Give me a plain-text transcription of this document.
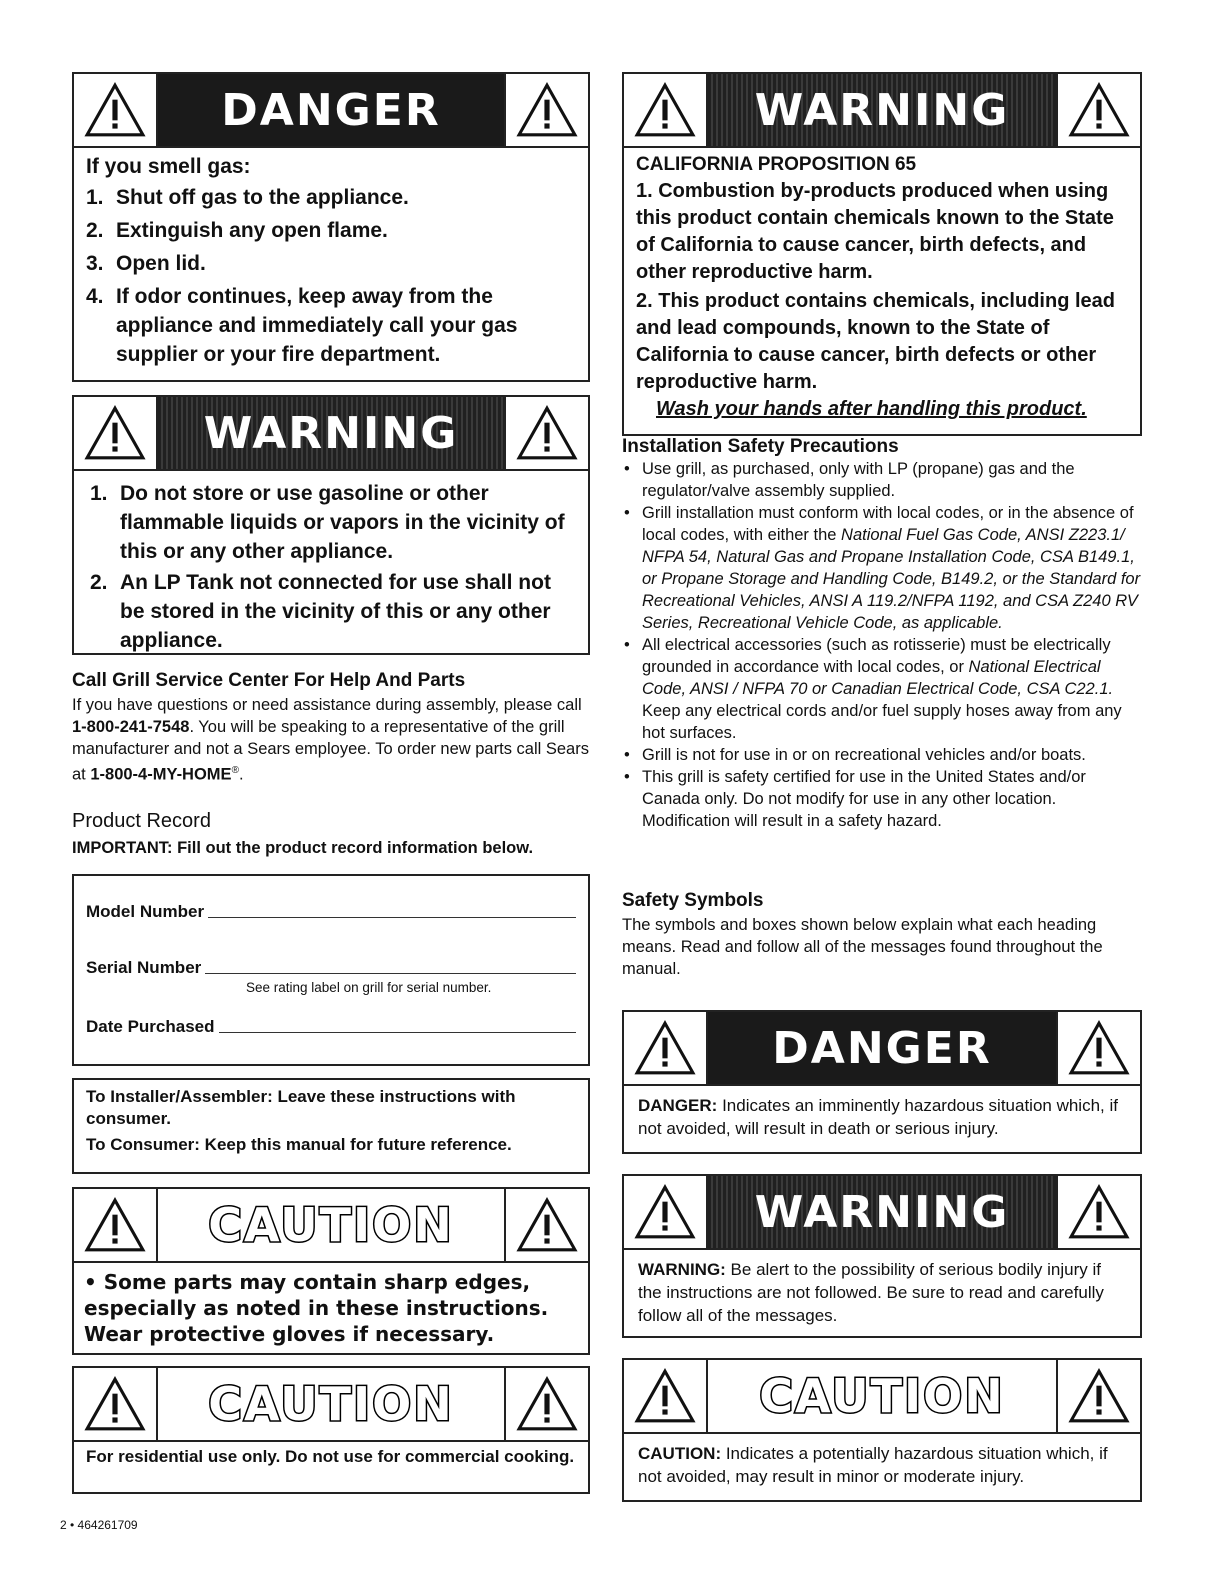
DANGER
If you smell gas:
1. Shut off gas to the appliance.
2. Extinguish any open flame.
3. Open lid.
4. If odor continues, keep away from the appliance and immediately call your gas supplier or your fire department.
WARNING
1. Do not store or use gasoline or other flammable liquids or vapors in the vicinity of this or any other appliance.
2. An LP Tank not connected for use shall not be stored in the vicinity of this or any other appliance.
Call Grill Service Center For Help And Parts

If you have questions or need assistance during assembly, please call 1-800-241-7548. You will be speaking to a representative of the grill manufacturer and not a Sears employee. To order new parts call Sears at 1-800-4-MY-HOME®.

Product Record
IMPORTANT: Fill out the product record information below.
Model Number
Serial Number
See rating label on grill for serial number.
Date Purchased
To Installer/Assembler: Leave these instructions with consumer.
To Consumer: Keep this manual for future reference.
CAUTION
• Some parts may contain sharp edges, especially as noted in these instructions. Wear protective gloves if necessary.
CAUTION
For residential use only. Do not use for commercial cooking.
2 • 464261709
WARNING
CALIFORNIA PROPOSITION 65
1. Combustion by-products produced when using this product contain chemicals known to the State of California to cause cancer, birth defects, and other reproductive harm.
2. This product contains chemicals, including lead and lead compounds, known to the State of California to cause cancer, birth defects or other reproductive harm.
Wash your hands after handling this product.
Installation Safety Precautions
• Use grill, as purchased, only with LP (propane) gas and the regulator/valve assembly supplied.
• Grill installation must conform with local codes, or in the absence of local codes, with either the National Fuel Gas Code, ANSI Z223.1/ NFPA 54, Natural Gas and Propane Installation Code, CSA B149.1, or Propane Storage and Handling Code, B149.2, or the Standard for Recreational Vehicles, ANSI A 119.2/NFPA 1192, and CSA Z240 RV Series, Recreational Vehicle Code, as applicable.
• All electrical accessories (such as rotisserie) must be electrically grounded in accordance with local codes, or National Electrical Code, ANSI / NFPA 70 or Canadian Electrical Code, CSA C22.1. Keep any electrical cords and/or fuel supply hoses away from any hot surfaces.
• Grill is not for use in or on recreational vehicles and/or boats.
• This grill is safety certified for use in the United States and/or Canada only. Do not modify for use in any other location. Modification will result in a safety hazard.
Safety Symbols

The symbols and boxes shown below explain what each heading means. Read and follow all of the messages found throughout the manual.

DANGER

DANGER: Indicates an imminently hazardous situation which, if not avoided, will result in death or serious injury.

WARNING

WARNING: Be alert to the possibility of serious bodily injury if the instructions are not followed. Be sure to read and carefully follow all of the messages.

CAUTION

CAUTION: Indicates a potentially hazardous situation which, if not avoided, may result in minor or moderate injury.
